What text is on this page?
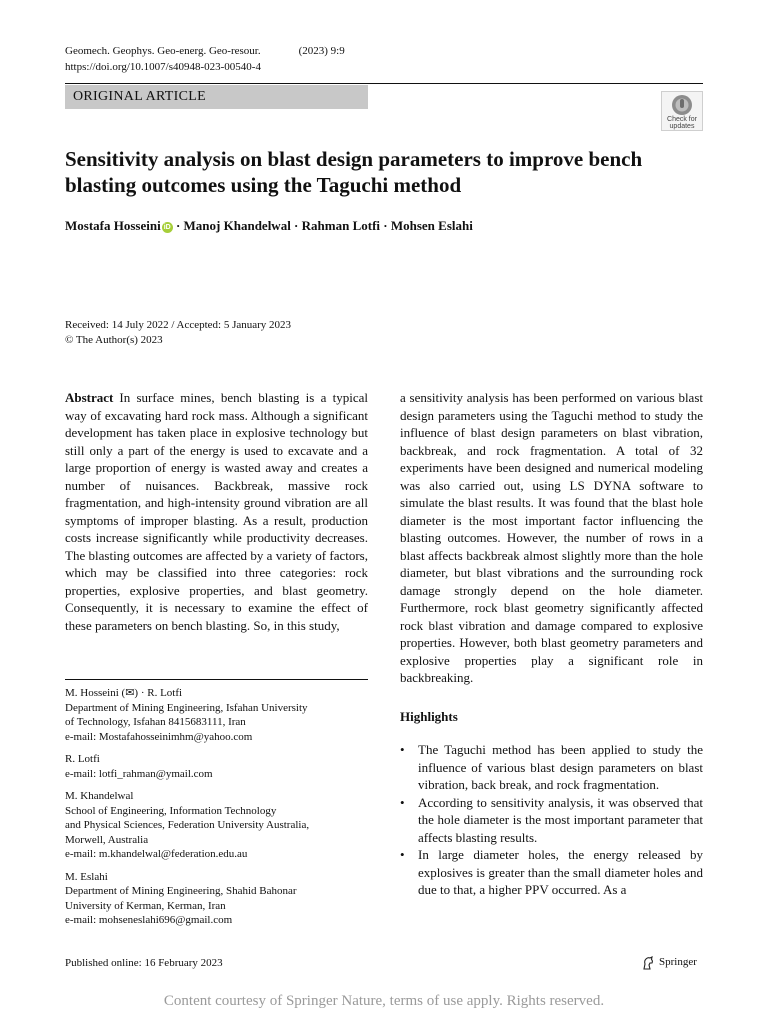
Geomech. Geophys. Geo-energ. Geo-resour.	(2023) 9:9
https://doi.org/10.1007/s40948-023-00540-4
ORIGINAL ARTICLE
Check for
updates
Sensitivity analysis on blast design parameters to improve bench blasting outcomes using the Taguchi method
Mostafa Hosseini iD · Manoj Khandelwal · Rahman Lotfi · Mohsen Eslahi
Received: 14 July 2022 / Accepted: 5 January 2023
© The Author(s) 2023
Abstract In surface mines, bench blasting is a typical way of excavating hard rock mass. Although a significant development has taken place in explosive technology but still only a part of the energy is used to excavate and a large proportion of energy is wasted away and creates a number of nuisances. Backbreak, massive rock fragmentation, and high-intensity ground vibration are all symptoms of improper blasting. As a result, production costs increase significantly while productivity decreases. The blasting outcomes are affected by a variety of factors, which may be classified into three categories: rock properties, explosive properties, and blast geometry. Consequently, it is necessary to examine the effect of these parameters on bench blasting. So, in this study,
a sensitivity analysis has been performed on various blast design parameters using the Taguchi method to study the influence of blast design parameters on blast vibration, backbreak, and rock fragmentation. A total of 32 experiments have been designed and numerical modeling was also carried out, using LS DYNA software to simulate the blast results. It was found that the blast hole diameter is the most important factor influencing the blasting outcomes. However, the number of rows in a blast affects backbreak almost slightly more than the hole diameter, but blast vibrations and the surrounding rock damage strongly depend on the hole diameter. Furthermore, rock blast geometry significantly affected rock blast vibration and damage compared to explosive properties. However, both blast geometry parameters and explosive properties play a significant role in backbreaking.
M. Hosseini (✉) · R. Lotfi
Department of Mining Engineering, Isfahan University
of Technology, Isfahan 8415683111, Iran
e-mail: Mostafahosseinimhm@yahoo.com
R. Lotfi
e-mail: lotfi_rahman@ymail.com
M. Khandelwal
School of Engineering, Information Technology
and Physical Sciences, Federation University Australia,
Morwell, Australia
e-mail: m.khandelwal@federation.edu.au
M. Eslahi
Department of Mining Engineering, Shahid Bahonar
University of Kerman, Kerman, Iran
e-mail: mohseneslahi696@gmail.com
Highlights
• The Taguchi method has been applied to study the influence of various blast design parameters on blast vibration, back break, and rock fragmentation.
• According to sensitivity analysis, it was observed that the hole diameter is the most important parameter that affects blasting results.
• In large diameter holes, the energy released by explosives is greater than the small diameter holes and due to that, a higher PPV occurred. As a
Published online: 16 February 2023	Springer
Content courtesy of Springer Nature, terms of use apply. Rights reserved.
